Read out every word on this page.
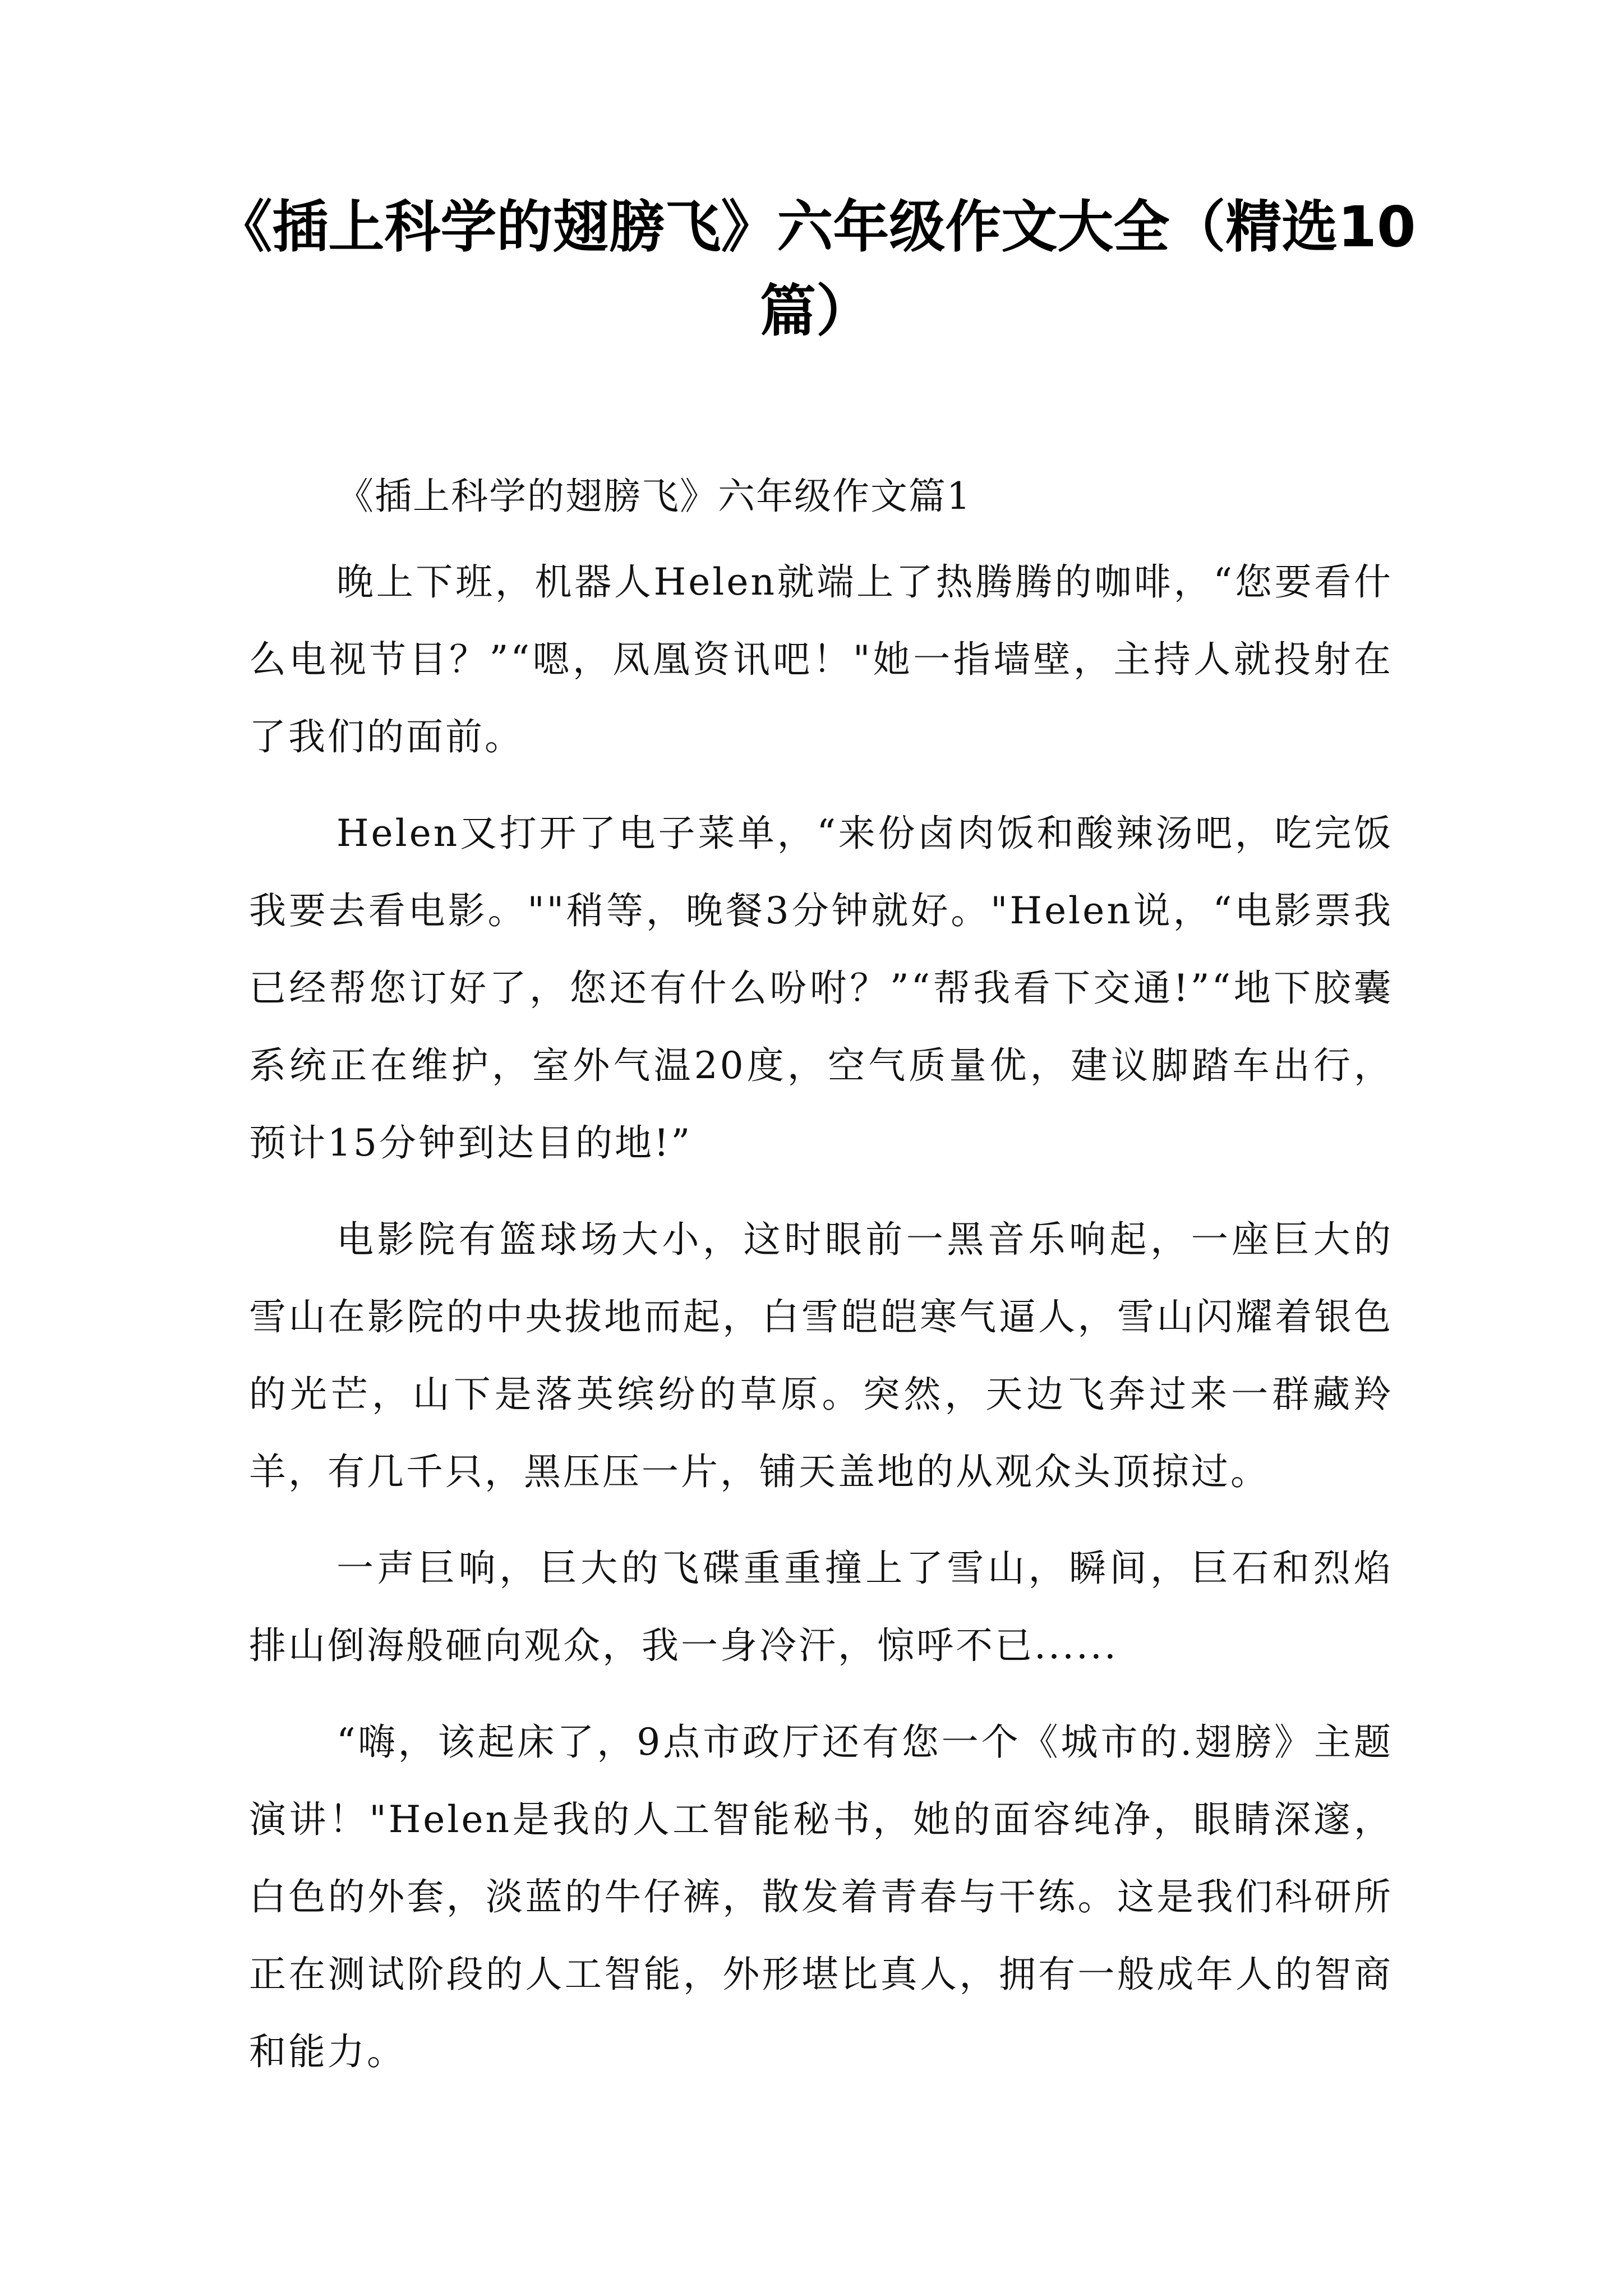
《插上科学的翅膀飞》六年级作文大全（精选10篇）
《插上科学的翅膀飞》六年级作文篇1

晚上下班，机器人Helen就端上了热腾腾的咖啡，“您要看什么电视节目？”“嗯，凤凰资讯吧！"她一指墙壁，主持人就投射在了我们的面前。

Helen又打开了电子菜单，“来份卤肉饭和酸辣汤吧，吃完饭我要去看电影。""稍等，晚餐3分钟就好。"Helen说，“电影票我已经帮您订好了，您还有什么吩咐？”“帮我看下交通!”“地下胶囊系统正在维护，室外气温20度，空气质量优，建议脚踏车出行，预计15分钟到达目的地!”

电影院有篮球场大小，这时眼前一黑音乐响起，一座巨大的雪山在影院的中央拔地而起，白雪皑皑寒气逼人，雪山闪耀着银色的光芒，山下是落英缤纷的草原。突然，天边飞奔过来一群藏羚羊，有几千只，黑压压一片，铺天盖地的从观众头顶掠过。

一声巨响，巨大的飞碟重重撞上了雪山，瞬间，巨石和烈焰排山倒海般砸向观众，我一身冷汗，惊呼不已......

“嗨，该起床了，9点市政厅还有您一个《城市的.翅膀》主题演讲！"Helen是我的人工智能秘书，她的面容纯净，眼睛深邃，白色的外套，淡蓝的牛仔裤，散发着青春与干练。这是我们科研所正在测试阶段的人工智能，外形堪比真人，拥有一般成年人的智商和能力。
